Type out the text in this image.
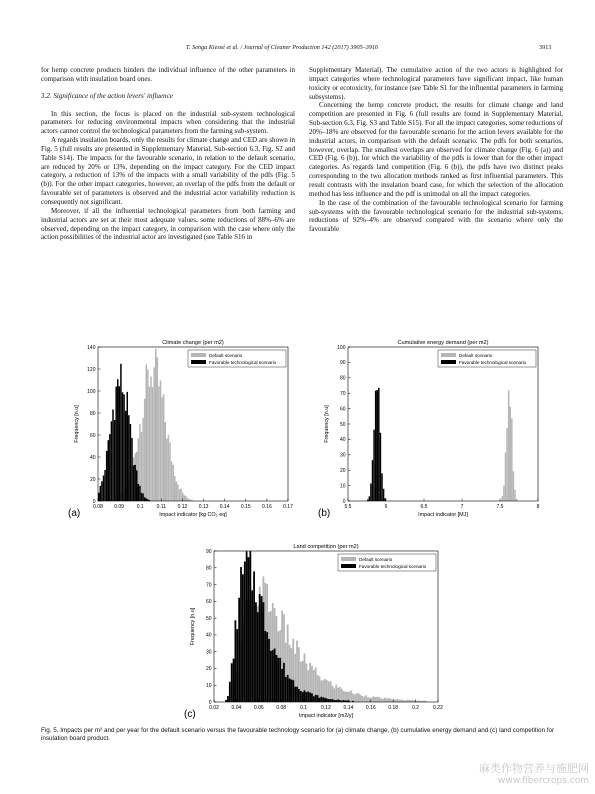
T. Senga Kiessé et al. / Journal of Cleaner Production 142 (2017) 3905–3916	3913

for hemp concrete products hinders the individual influence of the other parameters in comparison with insulation board ones.

3.2. Significance of the action levers' influence

In this section, the focus is placed on the industrial sub-system technological parameters for reducing environmental impacts when considering that the industrial actors cannot control the technological parameters from the farming sub-system.

A regards insulation boards, only the results for climate change and CED are shown in Fig. 5 (full results are presented in Supplementary Material, Sub-section 6.3, Fig. S2 and Table S14). The impacts for the favourable scenario, in relation to the default scenario, are reduced by 20% or 13%, depending on the impact category. For the CED impact category, a reduction of 13% of the impacts with a small variability of the pdfs (Fig. 5 (b)). For the other impact categories, however, an overlap of the pdfs from the default or favourable set of parameters is observed and the industrial actor variability reduction is consequently not significant.

Moreover, if all the influential technological parameters from both farming and industrial actors are set at their most adequate values, some reductions of 88%–6% are observed, depending on the impact category, in comparison with the case where only the action possibilities of the industrial actor are investigated (see Table S16 in

Supplementary Material). The cumulative action of the two actors is highlighted for impact categories where technological parameters have significant impact, like human toxicity or ecotoxicity, for instance (see Table S1 for the influential parameters in farming subsystems).

Concerning the hemp concrete product, the results for climate change and land competition are presented in Fig. 6 (full results are found in Supplementary Material, Sub-section 6.3, Fig. S3 and Table S15). For all the impact categories, some reductions of 20%–18% are observed for the favourable scenario for the action levers available for the industrial actors, in comparison with the default scenario. The pdfs for both scenarios, however, overlap. The smallest overlaps are observed for climate change (Fig. 6 (a)) and CED (Fig. 6 (b)), for which the variability of the pdfs is lower than for the other impact categories. As regards land competition (Fig. 6 (b)), the pdfs have two distinct peaks corresponding to the two allocation methods ranked as first influential parameters. This result contrasts with the insulation board case, for which the selection of the allocation method has less influence and the pdf is unimodal on all the impact categories.

In the case of the combination of the favourable technological scenario for farming sub-systems with the favourable technological scenario for the industrial sub-systems, reductions of 92%–4% are observed compared with the scenario where only the favourable

Climate change (per m2)
0
20
40
60
80
100
120
140
0.08 0.09	0.1	0.11 0.12 0.13 0.14 0.15 0.16 0.17
Impact indicator [kg CO₂ eq]
Frequency [n.u]
(a)
Default scenario
Favorable technological scenario
Cumulative energy demand (per m2)
0
10
20
30
40
50
60
70
80
90
100
5.5	6	6.5	7	7.5	8
Impact indicator [MJ]
Frequency [n.u]
(b)
Default scenario
Favorable technological scenario
Land competition (per m2)
0
10
20
30
40
50
60
70
80
90
0.02	0.04	0.06	0.08	0.1	0.12	0.14	0.16	0.18	0.2	0.22
Impact indicator [m2/y]
Frequency [n.u]
(c)
Default scenario
Favorable technological scenario
Fig. 5. Impacts per m² and per year for the default scenario versus the favourable technology scenario for (a) climate change, (b) cumulative energy demand and (c) land competition for insulation board product.
麻类作物营养与施肥网
www.fibercrops.com
